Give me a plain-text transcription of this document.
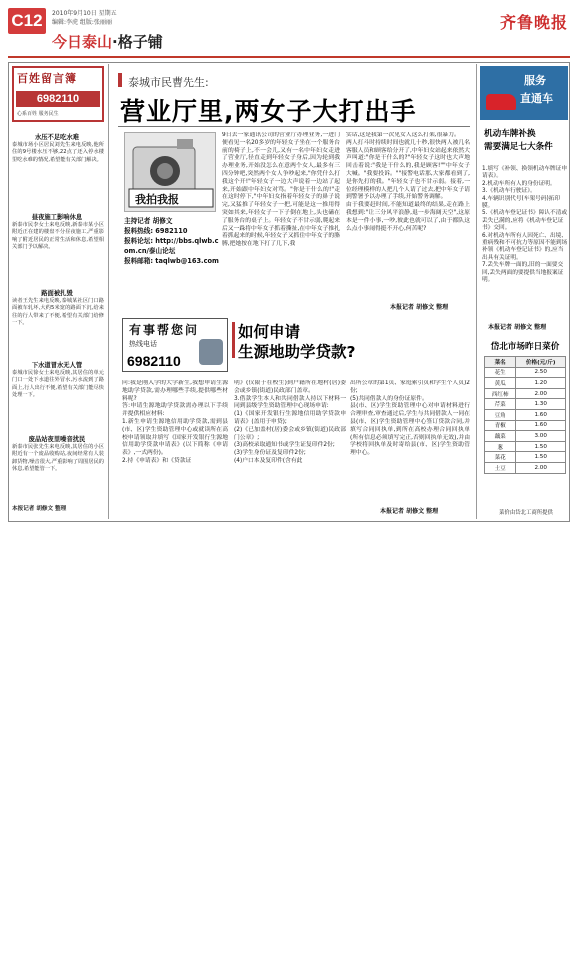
C12	2010年9月10日 星期五
编辑:李虎 组版:张丽丽
今日泰山·格子铺
齐鲁晚报
百姓留言簿
6982110
心系百姓 服务民生
水压不足吃水难
泰城市场小区居民刘先生来电反映,他所住的9号楼水压不够,22点了还入停水楼里吃水难的情况,希望能有关部门解决。
昼夜施工影响休息
新泰市民李女士来电反映,新泰市某小区附近正在建的楼盘不分昼夜施工,严重影响了附近居民的正常生活和休息,希望相关部门予以解决。
路面被扎毁
读者王先生来电反映,泰城某社区门口路面被车轧坏,大约5米宽的路面下沉,给来往的行人带来了不便,希望有关部门给修一下。
下水道冒水无人管
泰城市民徐女士来电反映,其居住的单元门口一处下水道往外冒水,污水流到了路面上,行人出行不便,希望有关部门能尽快处理一下。
废品站夜里噪音扰民
新泰市民张先生来电反映,其居住的小区附近有一个废品收购站,夜间经常有人装卸货物,噪音很大,严重影响了周围居民的休息,希望能管一下。
本报记者 胡修文 整理
泰城市民曹先生:
营业厅里,两女子大打出手
我拍我报
主持记者 胡修文
报料热线: 6982110
报料论坛: http://bbs.qlwb.com.cn/泰山论坛
报料邮箱: taqlwb@163.com
9日去一家通讯公司的营业厅办理业务,一进门便看见一名20多岁的年轻女子坐在一个服务台前的椅子上,不一会儿,又有一名中年妇女走进了营业厅,径直走到年轻女子身后,因为轮到我办理业务,开始没怎么在意两个女人,最多有三四分钟吧,突然两个女人争吵起来,"你凭什么打我这个开!"年轻女子一边大声说着一边站了起来,开始跟中年妇女对骂。"你是干什么的!"走在这时停下,"中年妇女指着年轻女子的鼻子说完,又猛推了年轻女子一把,可能是这一推用得突如其来,年轻女子一下子倒在地上,头也磕在了服务台的桌子上。年轻女子不甘示弱,爬起来后又一跺将中年女子抓着撕扯,在中年女子推扎着抓起来的时候,年轻女子又抓住中年女子的胳膊,把她按在地下打了几下,我
实话,这是我第一次见女人这么打架,很暴力。
两人打斗时持续时间也就几十秒,很快两人被几名客服人员和顾客给分开了,中年妇女站起来依然大声叫道:"你是干什么的?"年轻女子这时也大声地回击着说:"我是干什么的,我是顾客!""中年女子大喊。"我要投诉。""接警电话那,大家都看到了,是你先打的我。"年轻女子也不甘示弱。接着,一位经理模样的人把几个人请了过去,把中年女子请到警署予以办理了手续,开始警务调解。
由于我要赶时间,不能知道最终的结果,走在路上我想到:"让三分风平浪静,退一步海阔天空",这原本是一件小事,一吵,彼此也就可以了,由于都队这么点小事闹得挺不开心,何苦呢?
本报记者 胡修文 整理
有事帮您问
热线电话
6982110
如何申请
生源地助学贷款?
问:我是刚入学的大学新生,我想申请生源地助学贷款,需办理哪些手续,提供哪些材料呢?
答:申请生源地助学贷款需办理以下手续并提供相应材料:
1.新生申请生源地信用助学贷款,需到县(市、区)学生资助管理中心或就读所在高校申请领取并填写《国家开发银行生源地信用助学贷款申请表》(以下简称《申请表》,一式两份)。
2.持《申请表》和《贷款证
明》(仅限于在校生)到户籍所在地村(居)委会或乡镇(街道)民政部门盖章。
3.借款学生本人和共同借款人持以下材料一同到县级学生资助管理中心现场申请:
(1)《国家开发银行生源地信用助学贷款申请表》(盖用于申贷);
(2)《已加盖村(居)委会或乡镇(街道)民政部门公章》;
(3)高校录取通知书或学生证复印件2份;
(3)学生身份证及复印件2份;
(4)户口本及复印件(含有此
出所公章的第1页、家庭索引页和学生个人页)2份;
(5)共同借款人的身份证原件。
县(市、区)学生资助管理中心对申请材料进行合理审查,审查通过后,学生与共同借款人一同在县(市、区)学生资助管理中心签订贷款合同,并填写合同回执单,到所在高校办理合同回执单(所有信息必须填写完正,否则回执单无效),并由学校将回执单及时寄给县(市、区)学生资助管理中心。
本报记者 胡修文 整理
服务
直通车
机动车牌补换
需要满足七大条件
1.填写《补领、换领机动车牌证申请表》。
2.机动车所有人的身份证明。
3.《机动车行驶证》。
4.车辆识别代号(车架号码)拓印膜。
5.《机动车登记证书》障认不清或丢失已满的,应将《机动车登记证书》交回。
6.对机动车所有人因死亡、出境、重病残和不可抗力等原因不能到场补领《机动车登记证书》的,应当出具有关证明。
7.丢失车牌一面的,旧的一面要交回,丢失两面的要提供当地报案证明。
本报记者 胡修文 整理
岱北市场昨日菜价
菜名	价格(元/斤)
花生	2.50
黄瓜	1.20
西红柿	2.00
芹菜	1.30
豆角	1.60
青椒	1.60
藕菜	3.00
葱	1.50
菜花	1.50
土豆	2.00
菜价由岱北工商所提供
